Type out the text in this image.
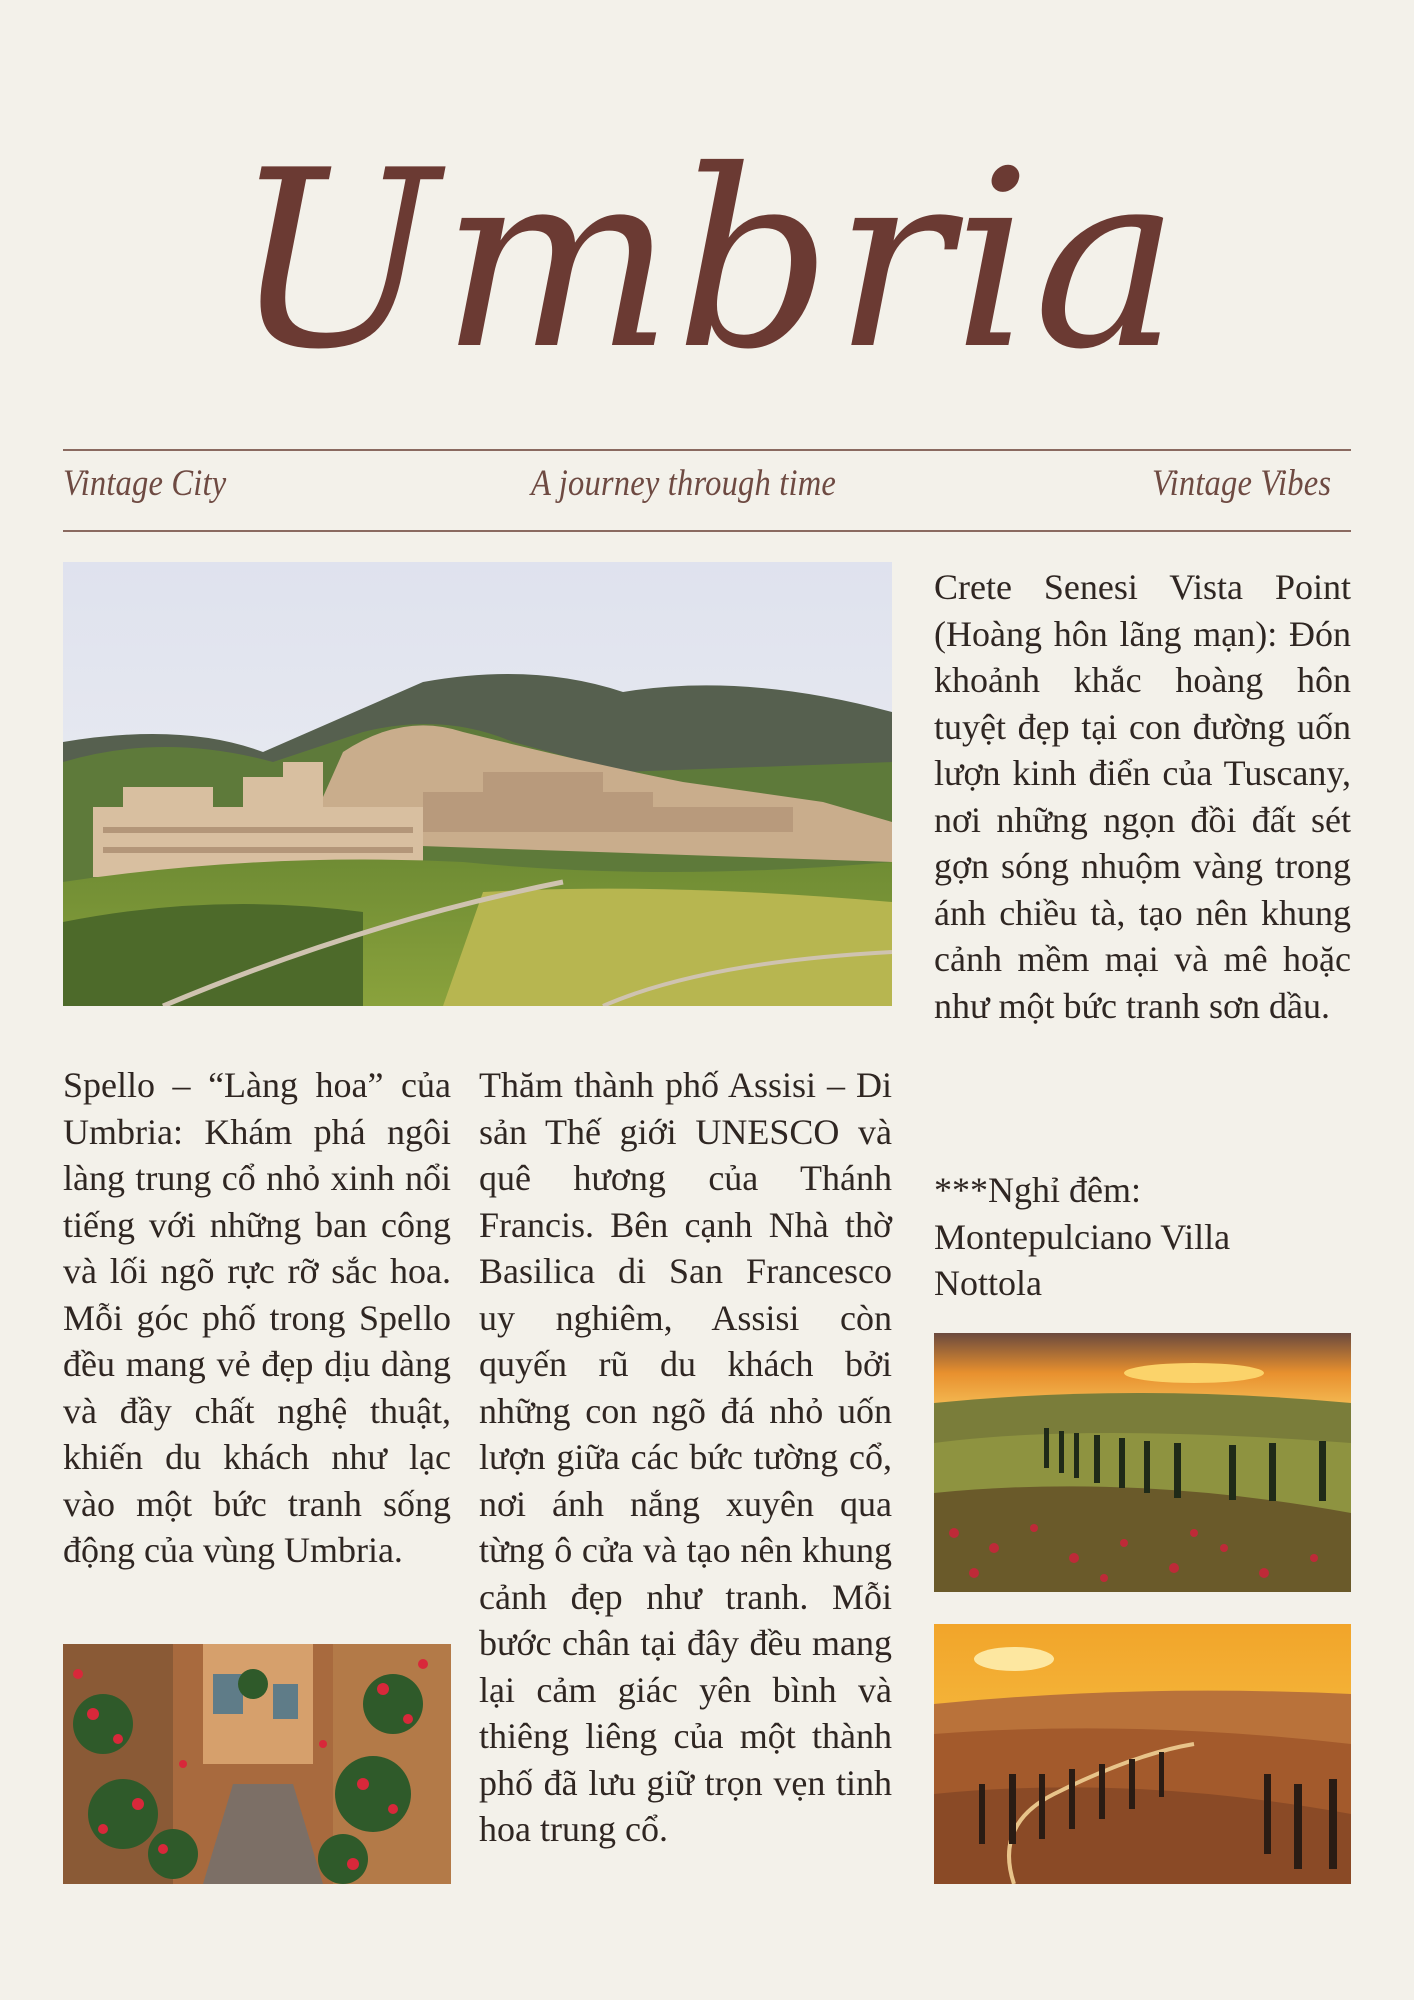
Umbria
Vintage City	A journey through time	Vintage Vibes
Spello – “Làng hoa” của Umbria: Khám phá ngôi làng trung cổ nhỏ xinh nổi tiếng với những ban công và lối ngõ rực rỡ sắc hoa. Mỗi góc phố trong Spello đều mang vẻ đẹp dịu dàng và đầy chất nghệ thuật, khiến du khách như lạc vào một bức tranh sống động của vùng Umbria.
Thăm thành phố Assisi – Di sản Thế giới UNESCO và quê hương của Thánh Francis. Bên cạnh Nhà thờ Basilica di San Francesco uy nghiêm, Assisi còn quyến rũ du khách bởi những con ngõ đá nhỏ uốn lượn giữa các bức tường cổ, nơi ánh nắng xuyên qua từng ô cửa và tạo nên khung cảnh đẹp như tranh. Mỗi bước chân tại đây đều mang lại cảm giác yên bình và thiêng liêng của một thành phố đã lưu giữ trọn vẹn tinh hoa trung cổ.
Crete Senesi Vista Point (Hoàng hôn lãng mạn): Đón khoảnh khắc hoàng hôn tuyệt đẹp tại con đường uốn lượn kinh điển của Tuscany, nơi những ngọn đồi đất sét gợn sóng nhuộm vàng trong ánh chiều tà, tạo nên khung cảnh mềm mại và mê hoặc như một bức tranh sơn dầu.
***Nghỉ đêm: Montepulciano Villa Nottola
